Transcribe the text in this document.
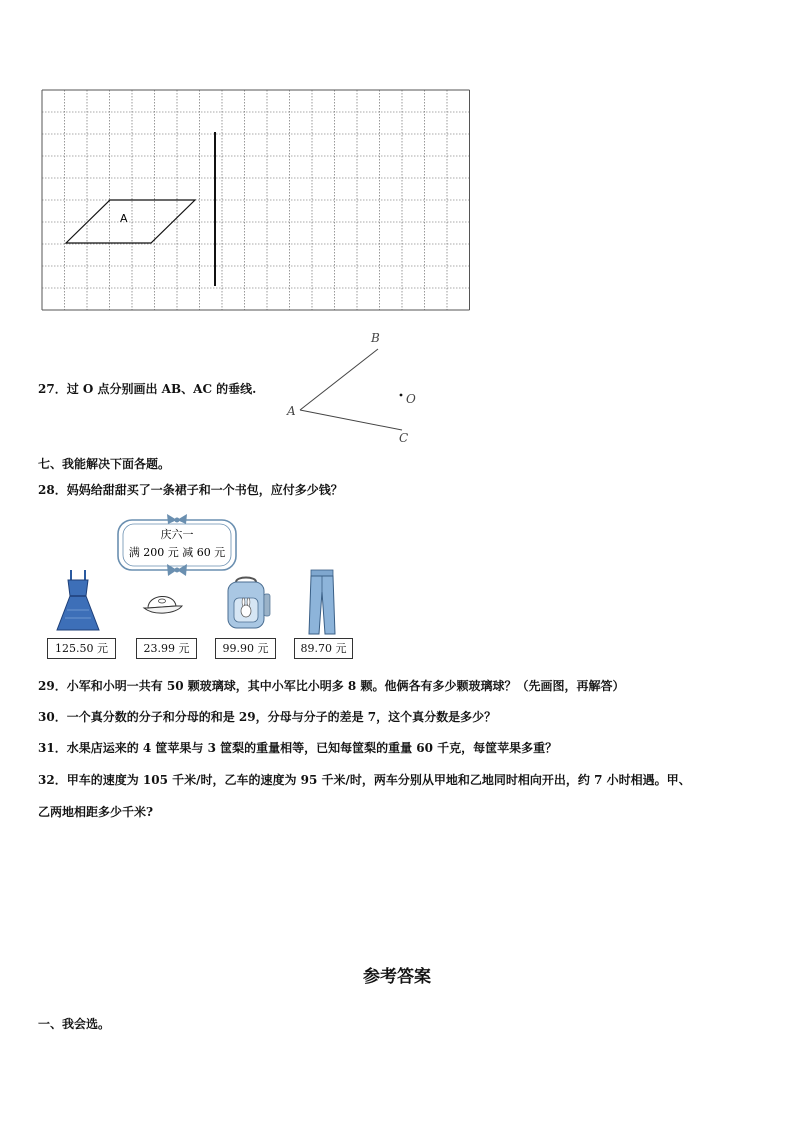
A
27．过 O 点分别画出 AB、AC 的垂线.
A
B
C
O
七、我能解决下面各题。
28．妈妈给甜甜买了一条裙子和一个书包，应付多少钱？
庆六一
满 200 元 减 60 元
125.50 元	23.99 元	99.90 元	89.70 元
29．小军和小明一共有 50 颗玻璃球，其中小军比小明多 8 颗。他俩各有多少颗玻璃球？（先画图，再解答）
30．一个真分数的分子和分母的和是 29，分母与分子的差是 7，这个真分数是多少？
31．水果店运来的 4 筐苹果与 3 筐梨的重量相等，已知每筐梨的重量 60 千克，每筐苹果多重？
32．甲车的速度为 105 千米/时，乙车的速度为 95 千米/时，两车分别从甲地和乙地同时相向开出，约 7 小时相遇。甲、
乙两地相距多少千米?
参考答案
一、我会选。
